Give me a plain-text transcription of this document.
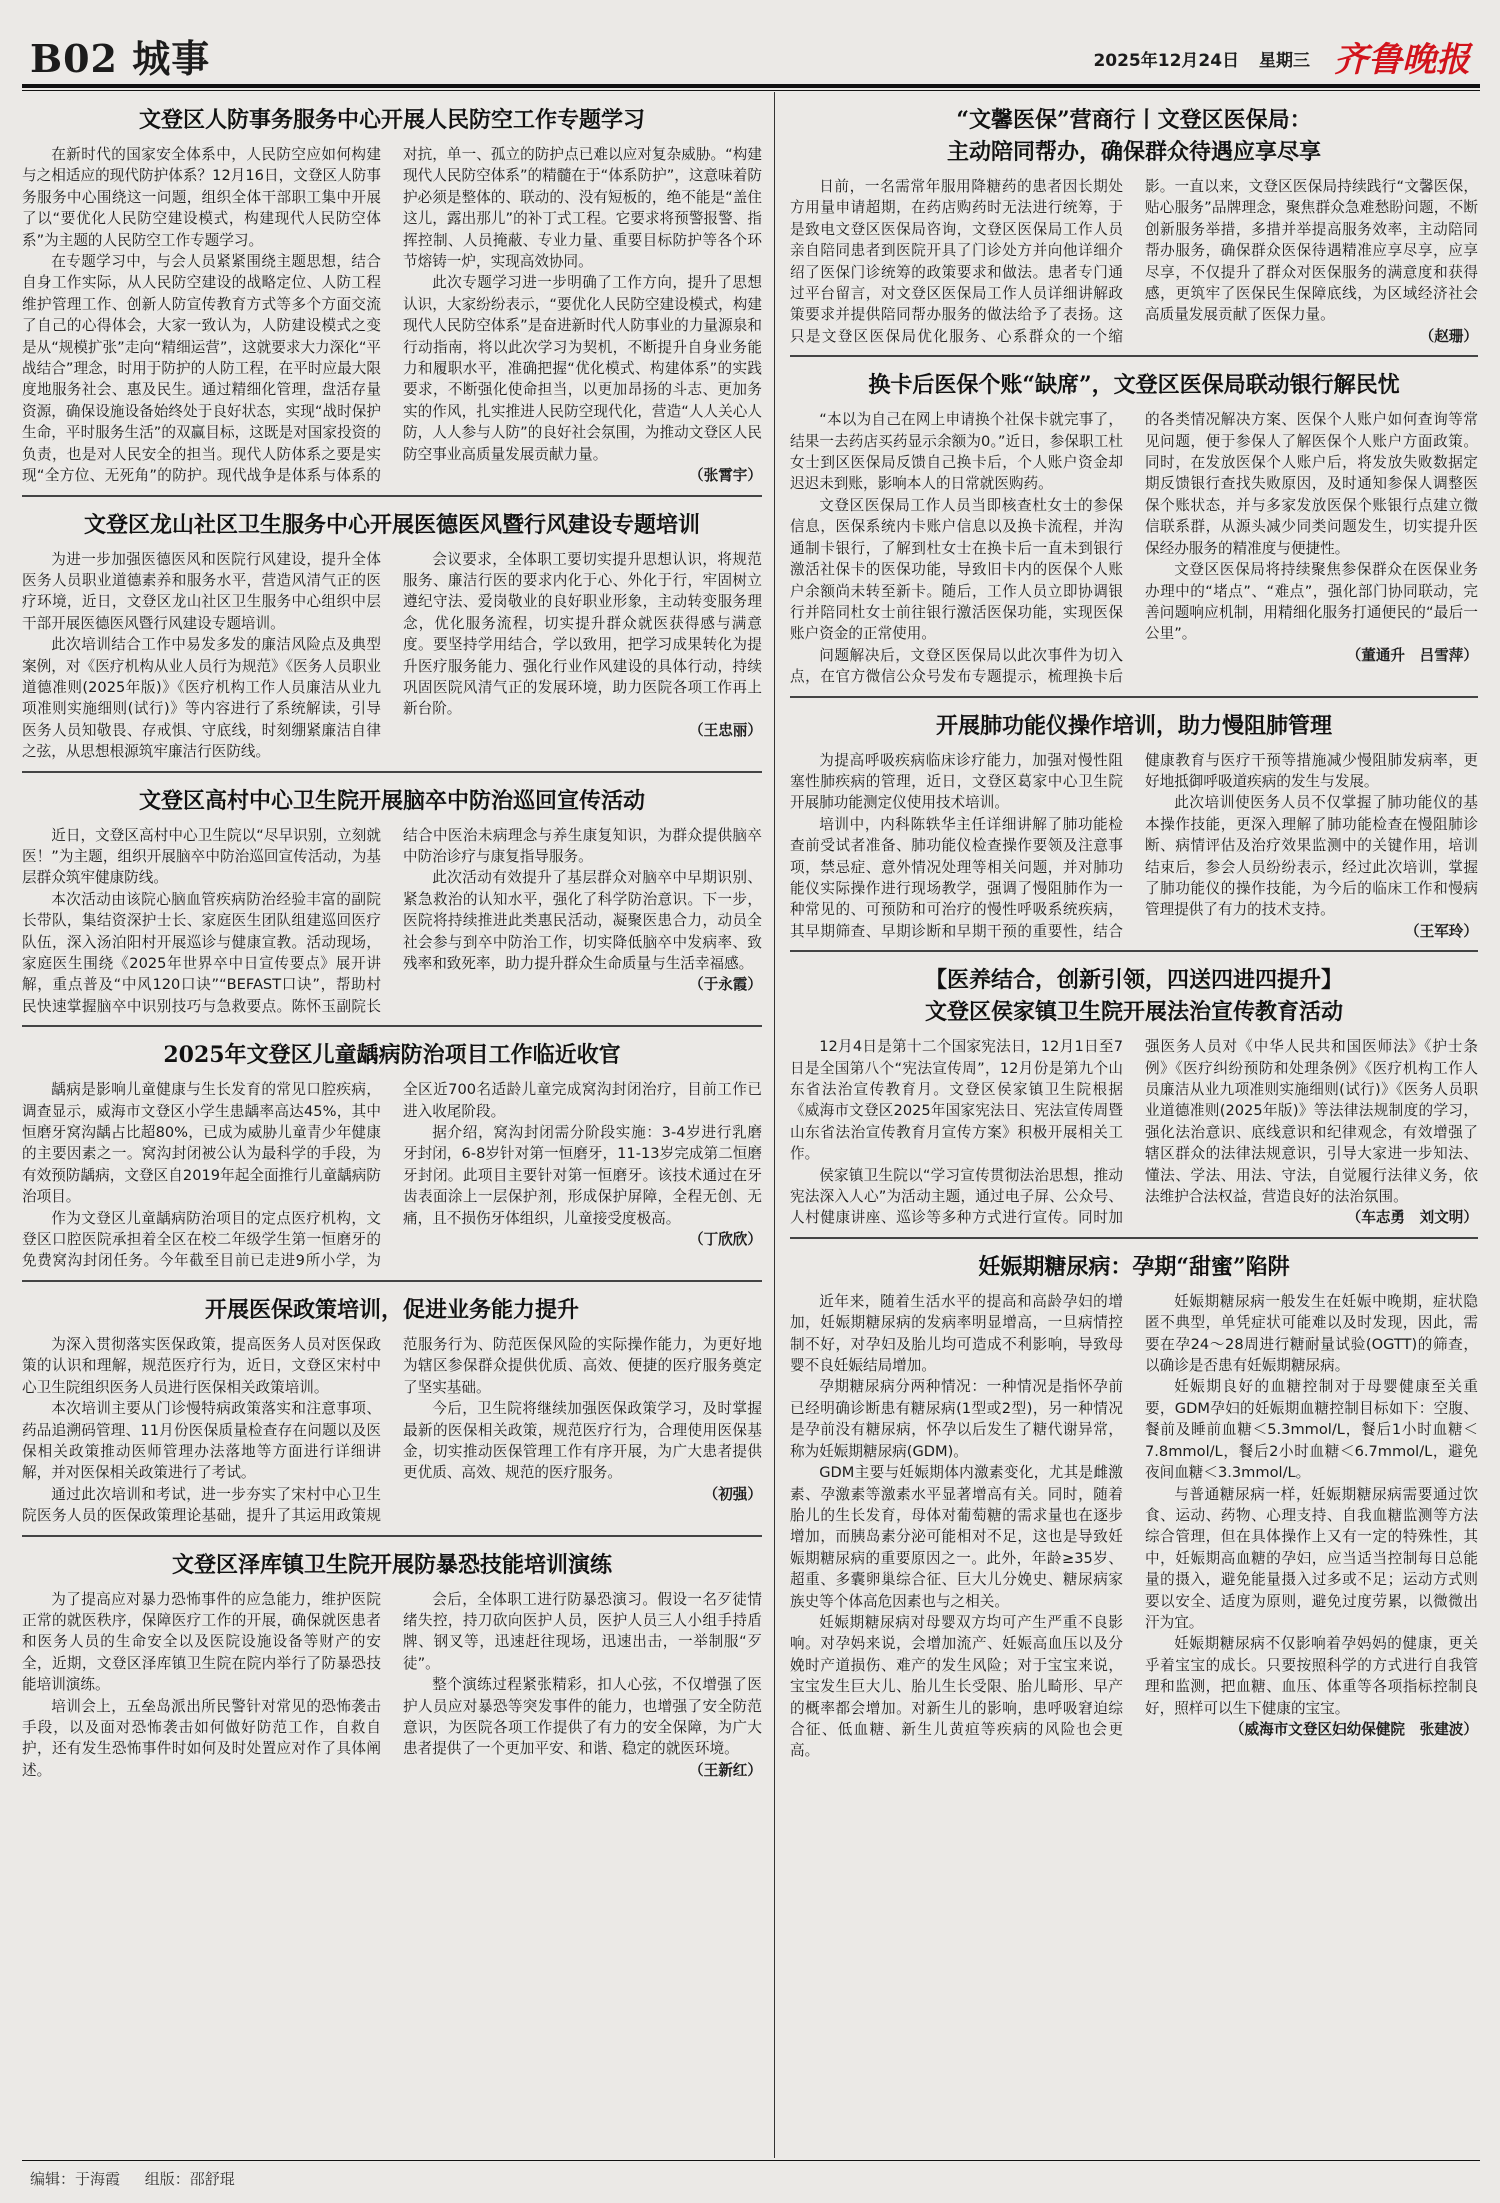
B02 城事	2025年12月24日 星期三 齐鲁晚报
文登区人防事务服务中心开展人民防空工作专题学习

在新时代的国家安全体系中，人民防空应如何构建与之相适应的现代防护体系？12月16日，文登区人防事务服务中心围绕这一问题，组织全体干部职工集中开展了以“要优化人民防空建设模式，构建现代人民防空体系”为主题的人民防空工作专题学习。

在专题学习中，与会人员紧紧围绕主题思想，结合自身工作实际，从人民防空建设的战略定位、人防工程维护管理工作、创新人防宣传教育方式等多个方面交流了自己的心得体会，大家一致认为，人防建设模式之变是从“规模扩张”走向“精细运营”，这就要求大力深化“平战结合”理念，时用于防护的人防工程，在平时应最大限度地服务社会、惠及民生。通过精细化管理，盘活存量资源，确保设施设备始终处于良好状态，实现“战时保护生命，平时服务生活”的双赢目标，这既是对国家投资的负责，也是对人民安全的担当。现代人防体系之要是实现“全方位、无死角”的防护。现代战争是体系与体系的对抗，单一、孤立的防护点已难以应对复杂威胁。“构建现代人民防空体系”的精髓在于“体系防护”，这意味着防护必须是整体的、联动的、没有短板的，绝不能是“盖住这儿，露出那儿”的补丁式工程。它要求将预警报警、指挥控制、人员掩蔽、专业力量、重要目标防护等各个环节熔铸一炉，实现高效协同。

此次专题学习进一步明确了工作方向，提升了思想认识，大家纷纷表示，“要优化人民防空建设模式，构建现代人民防空体系”是奋进新时代人防事业的力量源泉和行动指南，将以此次学习为契机，不断提升自身业务能力和履职水平，准确把握“优化模式、构建体系”的实践要求，不断强化使命担当，以更加昂扬的斗志、更加务实的作风，扎实推进人民防空现代化，营造“人人关心人防，人人参与人防”的良好社会氛围，为推动文登区人民防空事业高质量发展贡献力量。

（张霄宇）
文登区龙山社区卫生服务中心开展医德医风暨行风建设专题培训

为进一步加强医德医风和医院行风建设，提升全体医务人员职业道德素养和服务水平，营造风清气正的医疗环境，近日，文登区龙山社区卫生服务中心组织中层干部开展医德医风暨行风建设专题培训。

此次培训结合工作中易发多发的廉洁风险点及典型案例，对《医疗机构从业人员行为规范》《医务人员职业道德准则(2025年版)》《医疗机构工作人员廉洁从业九项准则实施细则(试行)》等内容进行了系统解读，引导医务人员知敬畏、存戒惧、守底线，时刻绷紧廉洁自律之弦，从思想根源筑牢廉洁行医防线。

会议要求，全体职工要切实提升思想认识，将规范服务、廉洁行医的要求内化于心、外化于行，牢固树立遵纪守法、爱岗敬业的良好职业形象，主动转变服务理念，优化服务流程，切实提升群众就医获得感与满意度。要坚持学用结合，学以致用，把学习成果转化为提升医疗服务能力、强化行业作风建设的具体行动，持续巩固医院风清气正的发展环境，助力医院各项工作再上新台阶。

（王忠丽）
文登区高村中心卫生院开展脑卒中防治巡回宣传活动

近日，文登区高村中心卫生院以“尽早识别，立刻就医！”为主题，组织开展脑卒中防治巡回宣传活动，为基层群众筑牢健康防线。

本次活动由该院心脑血管疾病防治经验丰富的副院长带队，集结资深护士长、家庭医生团队组建巡回医疗队伍，深入汤泊阳村开展巡诊与健康宣教。活动现场，家庭医生围绕《2025年世界卒中日宣传要点》展开讲解，重点普及“中风120口诀”“BEFAST口诀”，帮助村民快速掌握脑卒中识别技巧与急救要点。陈怀玉副院长结合中医治未病理念与养生康复知识，为群众提供脑卒中防治诊疗与康复指导服务。

此次活动有效提升了基层群众对脑卒中早期识别、紧急救治的认知水平，强化了科学防治意识。下一步，医院将持续推进此类惠民活动，凝聚医患合力，动员全社会参与到卒中防治工作，切实降低脑卒中发病率、致残率和致死率，助力提升群众生命质量与生活幸福感。

（于永霞）
2025年文登区儿童龋病防治项目工作临近收官

龋病是影响儿童健康与生长发育的常见口腔疾病，调查显示，威海市文登区小学生患龋率高达45%，其中恒磨牙窝沟龋占比超80%，已成为威胁儿童青少年健康的主要因素之一。窝沟封闭被公认为最科学的手段，为有效预防龋病，文登区自2019年起全面推行儿童龋病防治项目。

作为文登区儿童龋病防治项目的定点医疗机构，文登区口腔医院承担着全区在校二年级学生第一恒磨牙的免费窝沟封闭任务。今年截至目前已走进9所小学，为全区近700名适龄儿童完成窝沟封闭治疗，目前工作已进入收尾阶段。

据介绍，窝沟封闭需分阶段实施：3-4岁进行乳磨牙封闭，6-8岁针对第一恒磨牙，11-13岁完成第二恒磨牙封闭。此项目主要针对第一恒磨牙。该技术通过在牙齿表面涂上一层保护剂，形成保护屏障，全程无创、无痛，且不损伤牙体组织，儿童接受度极高。

（丁欣欣）
开展医保政策培训，促进业务能力提升

为深入贯彻落实医保政策，提高医务人员对医保政策的认识和理解，规范医疗行为，近日，文登区宋村中心卫生院组织医务人员进行医保相关政策培训。

本次培训主要从门诊慢特病政策落实和注意事项、药品追溯码管理、11月份医保质量检查存在问题以及医保相关政策推动医师管理办法落地等方面进行详细讲解，并对医保相关政策进行了考试。

通过此次培训和考试，进一步夯实了宋村中心卫生院医务人员的医保政策理论基础，提升了其运用政策规范服务行为、防范医保风险的实际操作能力，为更好地为辖区参保群众提供优质、高效、便捷的医疗服务奠定了坚实基础。

今后，卫生院将继续加强医保政策学习，及时掌握最新的医保相关政策，规范医疗行为，合理使用医保基金，切实推动医保管理工作有序开展，为广大患者提供更优质、高效、规范的医疗服务。

（初强）
文登区泽库镇卫生院开展防暴恐技能培训演练

为了提高应对暴力恐怖事件的应急能力，维护医院正常的就医秩序，保障医疗工作的开展，确保就医患者和医务人员的生命安全以及医院设施设备等财产的安全，近期，文登区泽库镇卫生院在院内举行了防暴恐技能培训演练。

培训会上，五垒岛派出所民警针对常见的恐怖袭击手段，以及面对恐怖袭击如何做好防范工作，自救自护，还有发生恐怖事件时如何及时处置应对作了具体阐述。

会后，全体职工进行防暴恐演习。假设一名歹徒情绪失控，持刀砍向医护人员，医护人员三人小组手持盾牌、钢叉等，迅速赶往现场，迅速出击，一举制服“歹徒”。

整个演练过程紧张精彩，扣人心弦，不仅增强了医护人员应对暴恐等突发事件的能力，也增强了安全防范意识，为医院各项工作提供了有力的安全保障，为广大患者提供了一个更加平安、和谐、稳定的就医环境。

（王新红）
“文馨医保”营商行丨文登区医保局：
主动陪同帮办，确保群众待遇应享尽享

日前，一名需常年服用降糖药的患者因长期处方用量申请超期，在药店购药时无法进行统筹，于是致电文登区医保局咨询，文登区医保局工作人员亲自陪同患者到医院开具了门诊处方并向他详细介绍了医保门诊统筹的政策要求和做法。患者专门通过平台留言，对文登区医保局工作人员详细讲解政策要求并提供陪同帮办服务的做法给予了表扬。这只是文登区医保局优化服务、心系群众的一个缩影。一直以来，文登区医保局持续践行“文馨医保，贴心服务”品牌理念，聚焦群众急难愁盼问题，不断创新服务举措，多措并举提高服务效率，主动陪同帮办服务，确保群众医保待遇精准应享尽享，应享尽享，不仅提升了群众对医保服务的满意度和获得感，更筑牢了医保民生保障底线，为区域经济社会高质量发展贡献了医保力量。

（赵珊）
换卡后医保个账“缺席”，文登区医保局联动银行解民忧

“本以为自己在网上申请换个社保卡就完事了，结果一去药店买药显示余额为0。”近日，参保职工杜女士到区医保局反馈自己换卡后，个人账户资金却迟迟未到账，影响本人的日常就医购药。

文登区医保局工作人员当即核查杜女士的参保信息，医保系统内卡账户信息以及换卡流程，并沟通制卡银行，了解到杜女士在换卡后一直未到银行激活社保卡的医保功能，导致旧卡内的医保个人账户余额尚未转至新卡。随后，工作人员立即协调银行并陪同杜女士前往银行激活医保功能，实现医保账户资金的正常使用。

问题解决后，文登区医保局以此次事件为切入点，在官方微信公众号发布专题提示，梳理换卡后的各类情况解决方案、医保个人账户如何查询等常见问题，便于参保人了解医保个人账户方面政策。同时，在发放医保个人账户后，将发放失败数据定期反馈银行查找失败原因，及时通知参保人调整医保个账状态，并与多家发放医保个账银行点建立微信联系群，从源头减少同类问题发生，切实提升医保经办服务的精准度与便捷性。

文登区医保局将持续聚焦参保群众在医保业务办理中的“堵点”、“难点”，强化部门协同联动，完善问题响应机制，用精细化服务打通便民的“最后一公里”。

（董通升　吕雪萍）
开展肺功能仪操作培训，助力慢阻肺管理

为提高呼吸疾病临床诊疗能力，加强对慢性阻塞性肺疾病的管理，近日，文登区葛家中心卫生院开展肺功能测定仪使用技术培训。

培训中，内科陈轶华主任详细讲解了肺功能检查前受试者准备、肺功能仪检查操作要领及注意事项，禁忌症、意外情况处理等相关问题，并对肺功能仪实际操作进行现场教学，强调了慢阻肺作为一种常见的、可预防和可治疗的慢性呼吸系统疾病，其早期筛查、早期诊断和早期干预的重要性，结合健康教育与医疗干预等措施减少慢阻肺发病率，更好地抵御呼吸道疾病的发生与发展。

此次培训使医务人员不仅掌握了肺功能仪的基本操作技能，更深入理解了肺功能检查在慢阻肺诊断、病情评估及治疗效果监测中的关键作用，培训结束后，参会人员纷纷表示，经过此次培训，掌握了肺功能仪的操作技能，为今后的临床工作和慢病管理提供了有力的技术支持。

（王军玲）
【医养结合，创新引领，四送四进四提升】
文登区侯家镇卫生院开展法治宣传教育活动

12月4日是第十二个国家宪法日，12月1日至7日是全国第八个“宪法宣传周”，12月份是第九个山东省法治宣传教育月。文登区侯家镇卫生院根据《威海市文登区2025年国家宪法日、宪法宣传周暨山东省法治宣传教育月宣传方案》积极开展相关工作。

侯家镇卫生院以“学习宣传贯彻法治思想，推动宪法深入人心”为活动主题，通过电子屏、公众号、人村健康讲座、巡诊等多种方式进行宣传。同时加强医务人员对《中华人民共和国医师法》《护士条例》《医疗纠纷预防和处理条例》《医疗机构工作人员廉洁从业九项准则实施细则(试行)》《医务人员职业道德准则(2025年版)》等法律法规制度的学习，强化法治意识、底线意识和纪律观念，有效增强了辖区群众的法律法规意识，引导大家进一步知法、懂法、学法、用法、守法，自觉履行法律义务，依法维护合法权益，营造良好的法治氛围。

（车志勇　刘文明）
妊娠期糖尿病：孕期“甜蜜”陷阱

近年来，随着生活水平的提高和高龄孕妇的增加，妊娠期糖尿病的发病率明显增高，一旦病情控制不好，对孕妇及胎儿均可造成不利影响，导致母婴不良妊娠结局增加。

孕期糖尿病分两种情况：一种情况是指怀孕前已经明确诊断患有糖尿病(1型或2型)，另一种情况是孕前没有糖尿病，怀孕以后发生了糖代谢异常，称为妊娠期糖尿病(GDM)。

GDM主要与妊娠期体内激素变化，尤其是雌激素、孕激素等激素水平显著增高有关。同时，随着胎儿的生长发育，母体对葡萄糖的需求量也在逐步增加，而胰岛素分泌可能相对不足，这也是导致妊娠期糖尿病的重要原因之一。此外，年龄≥35岁、超重、多囊卵巢综合征、巨大儿分娩史、糖尿病家族史等个体高危因素也与之相关。

妊娠期糖尿病对母婴双方均可产生严重不良影响。对孕妈来说，会增加流产、妊娠高血压以及分娩时产道损伤、难产的发生风险；对于宝宝来说，宝宝发生巨大儿、胎儿生长受限、胎儿畸形、早产的概率都会增加。对新生儿的影响，患呼吸窘迫综合征、低血糖、新生儿黄疸等疾病的风险也会更高。

妊娠期糖尿病一般发生在妊娠中晚期，症状隐匿不典型，单凭症状可能难以及时发现，因此，需要在孕24～28周进行糖耐量试验(OGTT)的筛查，以确诊是否患有妊娠期糖尿病。

妊娠期良好的血糖控制对于母婴健康至关重要，GDM孕妇的妊娠期血糖控制目标如下：空腹、餐前及睡前血糖＜5.3mmol/L，餐后1小时血糖＜7.8mmol/L，餐后2小时血糖＜6.7mmol/L，避免夜间血糖＜3.3mmol/L。

与普通糖尿病一样，妊娠期糖尿病需要通过饮食、运动、药物、心理支持、自我血糖监测等方法综合管理，但在具体操作上又有一定的特殊性，其中，妊娠期高血糖的孕妇，应当适当控制每日总能量的摄入，避免能量摄入过多或不足；运动方式则要以安全、适度为原则，避免过度劳累，以微微出汗为宜。

妊娠期糖尿病不仅影响着孕妈妈的健康，更关乎着宝宝的成长。只要按照科学的方式进行自我管理和监测，把血糖、血压、体重等各项指标控制良好，照样可以生下健康的宝宝。

（威海市文登区妇幼保健院　张建波）
编辑：于海霞 组版：邵舒琨
